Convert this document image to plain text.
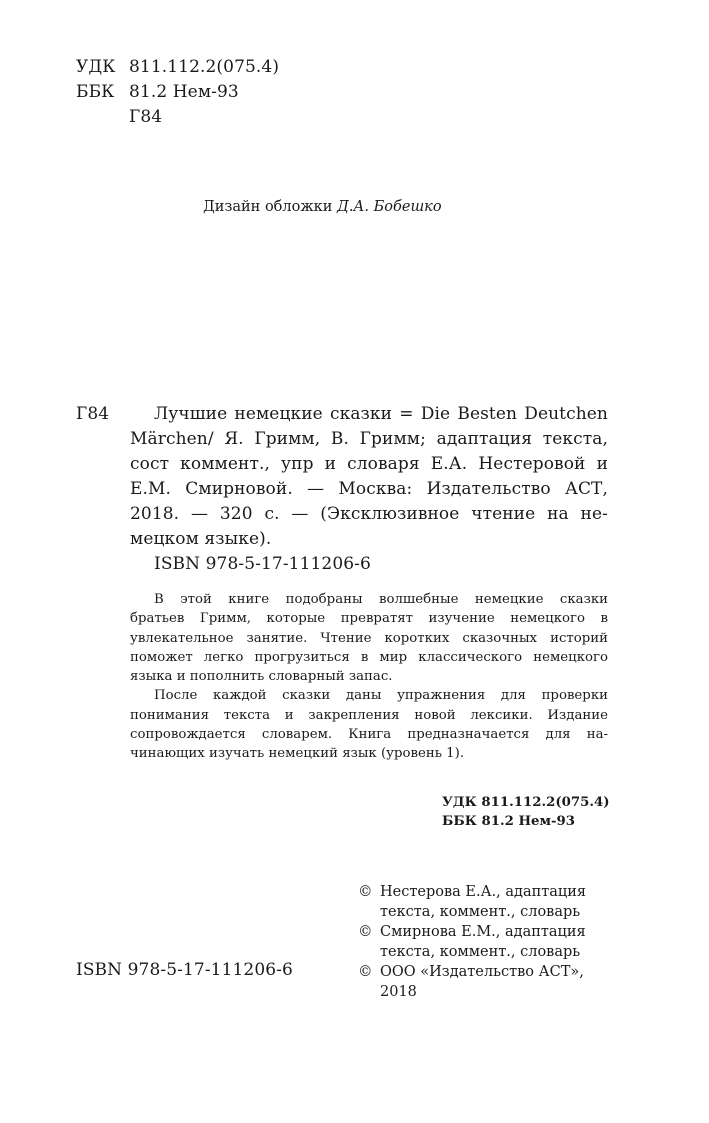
УДК 811.112.2(075.4)
ББК 81.2 Нем-93
Г84
Дизайн обложки Д.А. Бобешко
Г84	Лучшие немецкие сказки = Die Besten Deutchen
Märchen/ Я. Гримм, В. Гримм; адаптация текста,
сост коммент., упр и словаря Е.А. Нестеровой и
Е.М. Смирновой. — Москва: Издательство АСТ,
2018. — 320 с. — (Эксклюзивное чтение на не-
мецком языке).
ISBN 978-5-17-111206-6
В этой книге подобраны волшебные немецкие сказки
братьев Гримм, которые превратят изучение немецкого в
увлекательное занятие. Чтение коротких сказочных историй
поможет легко прогрузиться в мир классического немецкого
языка и пополнить словарный запас.
После каждой сказки даны упражнения для проверки
понимания текста и закрепления новой лексики. Издание
сопровождается словарем. Книга предназначается для на-
чинающих изучать немецкий язык (уровень 1).
УДК 811.112.2(075.4)
ББК 81.2 Нем-93
ISBN 978-5-17-111206-6
© Нестерова Е.А., адаптация
текста, коммент., словарь
© Смирнова Е.М., адаптация
текста, коммент., словарь
© ООО «Издательство АСТ»,
2018
